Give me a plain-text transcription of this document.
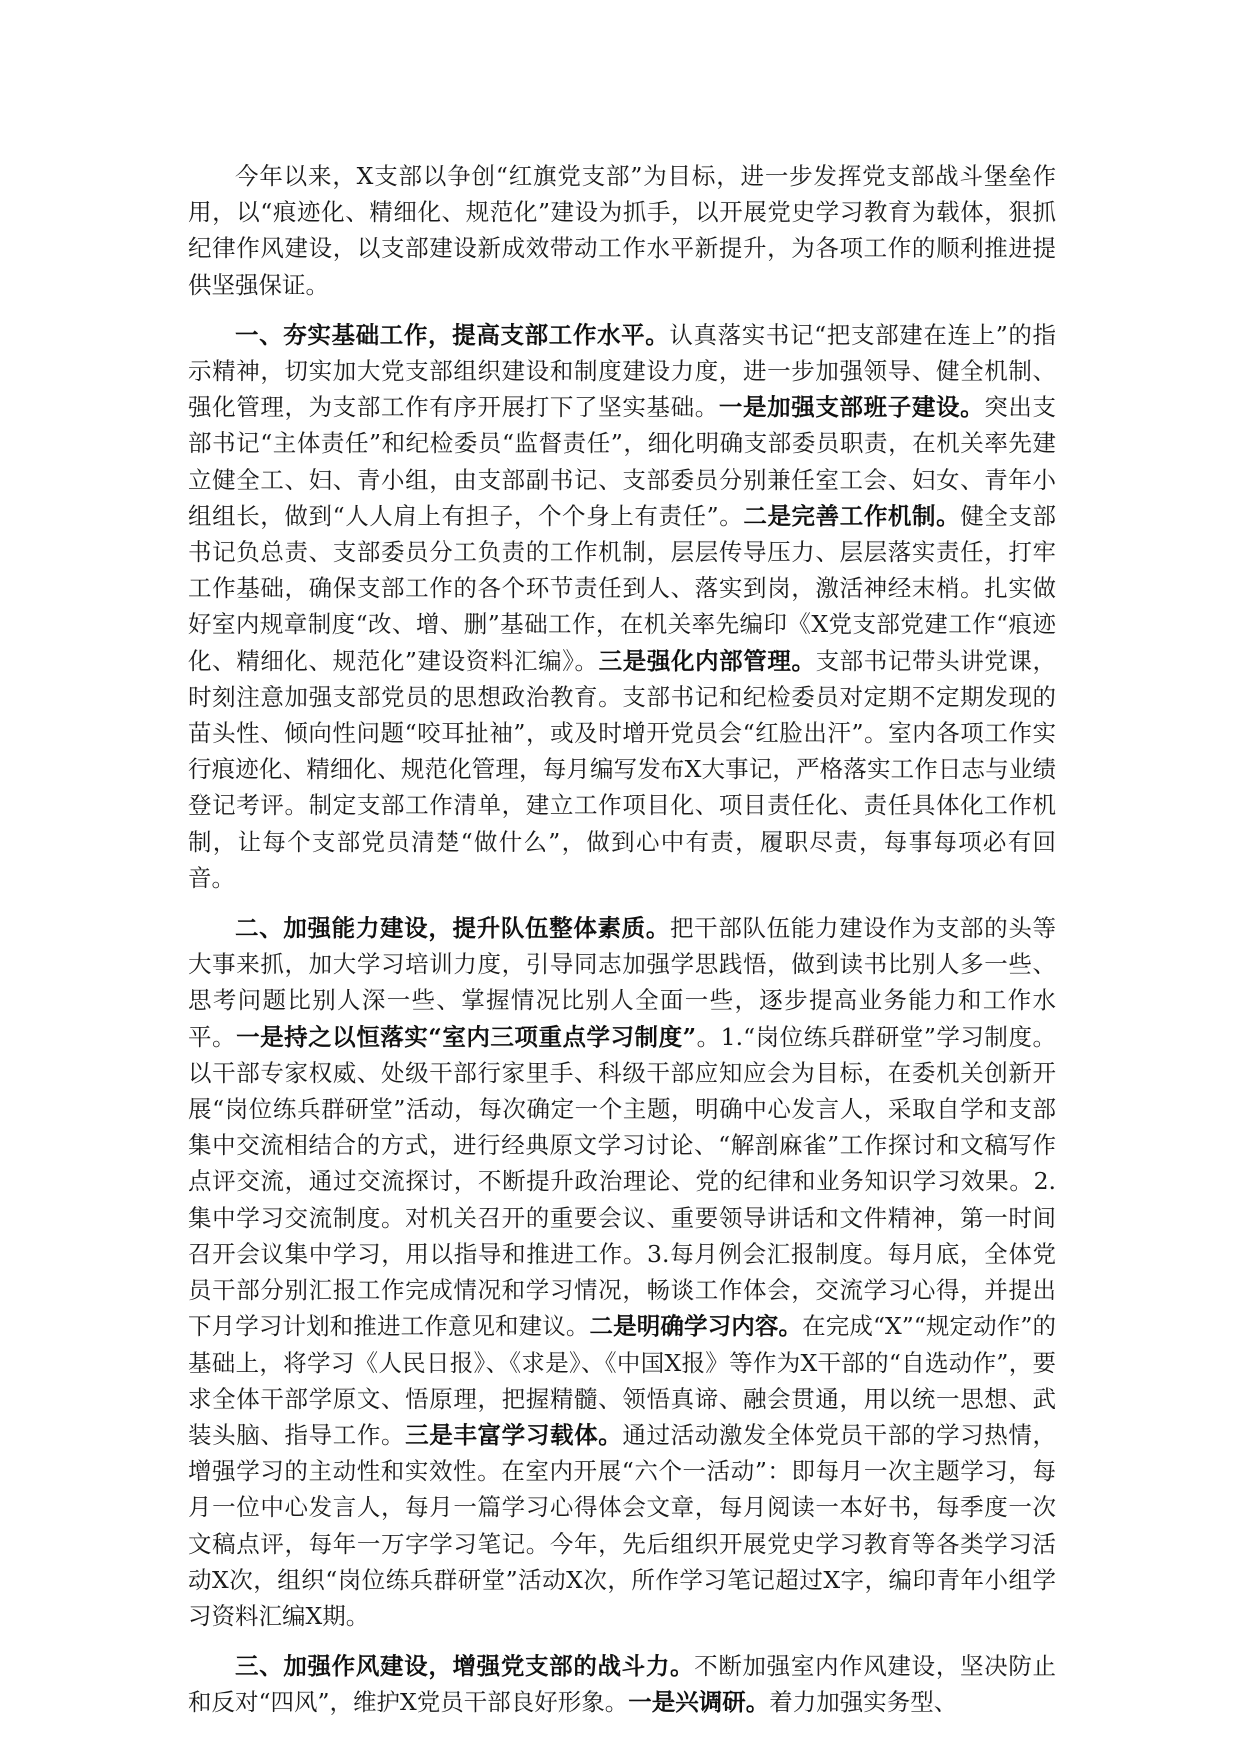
今年以来，X支部以争创“红旗党支部”为目标，进一步发挥党支部战斗堡垒作用，以“痕迹化、精细化、规范化”建设为抓手，以开展党史学习教育为载体，狠抓纪律作风建设，以支部建设新成效带动工作水平新提升，为各项工作的顺利推进提供坚强保证。

一、夯实基础工作，提高支部工作水平。认真落实书记“把支部建在连上”的指示精神，切实加大党支部组织建设和制度建设力度，进一步加强领导、健全机制、强化管理，为支部工作有序开展打下了坚实基础。一是加强支部班子建设。突出支部书记“主体责任”和纪检委员“监督责任”，细化明确支部委员职责，在机关率先建立健全工、妇、青小组，由支部副书记、支部委员分别兼任室工会、妇女、青年小组组长，做到“人人肩上有担子，个个身上有责任”。二是完善工作机制。健全支部书记负总责、支部委员分工负责的工作机制，层层传导压力、层层落实责任，打牢工作基础，确保支部工作的各个环节责任到人、落实到岗，激活神经末梢。扎实做好室内规章制度“改、增、删”基础工作，在机关率先编印《X党支部党建工作“痕迹化、精细化、规范化”建设资料汇编》。三是强化内部管理。支部书记带头讲党课，时刻注意加强支部党员的思想政治教育。支部书记和纪检委员对定期不定期发现的苗头性、倾向性问题“咬耳扯袖”，或及时增开党员会“红脸出汗”。室内各项工作实行痕迹化、精细化、规范化管理，每月编写发布X大事记，严格落实工作日志与业绩登记考评。制定支部工作清单，建立工作项目化、项目责任化、责任具体化工作机制，让每个支部党员清楚“做什么”，做到心中有责，履职尽责，每事每项必有回音。

二、加强能力建设，提升队伍整体素质。把干部队伍能力建设作为支部的头等大事来抓，加大学习培训力度，引导同志加强学思践悟，做到读书比别人多一些、思考问题比别人深一些、掌握情况比别人全面一些，逐步提高业务能力和工作水平。一是持之以恒落实“室内三项重点学习制度”。1.“岗位练兵群研堂”学习制度。以干部专家权威、处级干部行家里手、科级干部应知应会为目标，在委机关创新开展“岗位练兵群研堂”活动，每次确定一个主题，明确中心发言人，采取自学和支部集中交流相结合的方式，进行经典原文学习讨论、“解剖麻雀”工作探讨和文稿写作点评交流，通过交流探讨，不断提升政治理论、党的纪律和业务知识学习效果。2.集中学习交流制度。对机关召开的重要会议、重要领导讲话和文件精神，第一时间召开会议集中学习，用以指导和推进工作。3.每月例会汇报制度。每月底，全体党员干部分别汇报工作完成情况和学习情况，畅谈工作体会，交流学习心得，并提出下月学习计划和推进工作意见和建议。二是明确学习内容。在完成“X”“规定动作”的基础上，将学习《人民日报》、《求是》、《中国X报》等作为X干部的“自选动作”，要求全体干部学原文、悟原理，把握精髓、领悟真谛、融会贯通，用以统一思想、武装头脑、指导工作。三是丰富学习载体。通过活动激发全体党员干部的学习热情，增强学习的主动性和实效性。在室内开展“六个一活动”：即每月一次主题学习，每月一位中心发言人，每月一篇学习心得体会文章，每月阅读一本好书，每季度一次文稿点评，每年一万字学习笔记。今年，先后组织开展党史学习教育等各类学习活动X次，组织“岗位练兵群研堂”活动X次，所作学习笔记超过X字，编印青年小组学习资料汇编X期。

三、加强作风建设，增强党支部的战斗力。不断加强室内作风建设，坚决防止和反对“四风”，维护X党员干部良好形象。一是兴调研。着力加强实务型、
